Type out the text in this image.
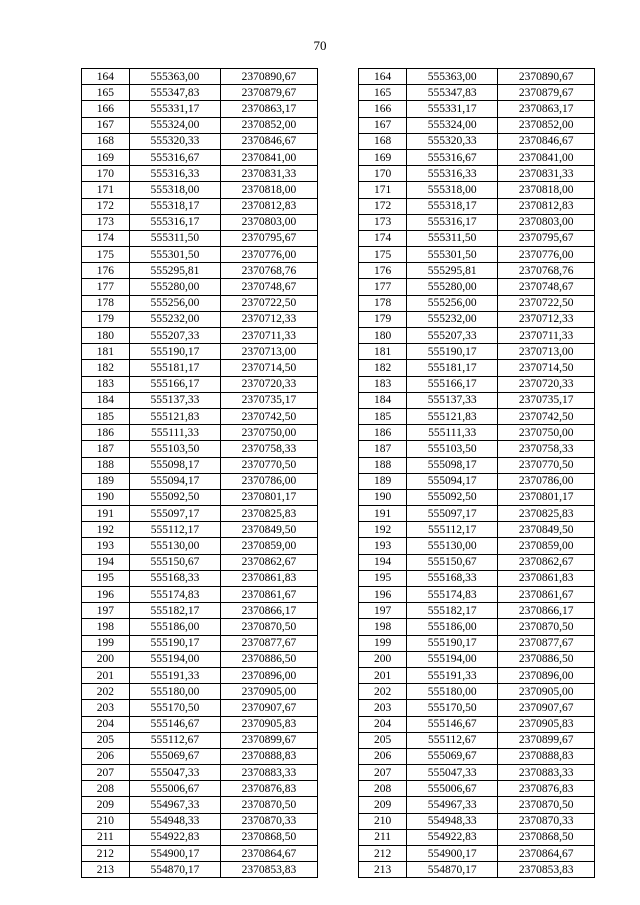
70
164	555363,00	2370890,67		164	555363,00	2370890,67
165	555347,83	2370879,67		165	555347,83	2370879,67
166	555331,17	2370863,17		166	555331,17	2370863,17
167	555324,00	2370852,00		167	555324,00	2370852,00
168	555320,33	2370846,67		168	555320,33	2370846,67
169	555316,67	2370841,00		169	555316,67	2370841,00
170	555316,33	2370831,33		170	555316,33	2370831,33
171	555318,00	2370818,00		171	555318,00	2370818,00
172	555318,17	2370812,83		172	555318,17	2370812,83
173	555316,17	2370803,00		173	555316,17	2370803,00
174	555311,50	2370795,67		174	555311,50	2370795,67
175	555301,50	2370776,00		175	555301,50	2370776,00
176	555295,81	2370768,76		176	555295,81	2370768,76
177	555280,00	2370748,67		177	555280,00	2370748,67
178	555256,00	2370722,50		178	555256,00	2370722,50
179	555232,00	2370712,33		179	555232,00	2370712,33
180	555207,33	2370711,33		180	555207,33	2370711,33
181	555190,17	2370713,00		181	555190,17	2370713,00
182	555181,17	2370714,50		182	555181,17	2370714,50
183	555166,17	2370720,33		183	555166,17	2370720,33
184	555137,33	2370735,17		184	555137,33	2370735,17
185	555121,83	2370742,50		185	555121,83	2370742,50
186	555111,33	2370750,00		186	555111,33	2370750,00
187	555103,50	2370758,33		187	555103,50	2370758,33
188	555098,17	2370770,50		188	555098,17	2370770,50
189	555094,17	2370786,00		189	555094,17	2370786,00
190	555092,50	2370801,17		190	555092,50	2370801,17
191	555097,17	2370825,83		191	555097,17	2370825,83
192	555112,17	2370849,50		192	555112,17	2370849,50
193	555130,00	2370859,00		193	555130,00	2370859,00
194	555150,67	2370862,67		194	555150,67	2370862,67
195	555168,33	2370861,83		195	555168,33	2370861,83
196	555174,83	2370861,67		196	555174,83	2370861,67
197	555182,17	2370866,17		197	555182,17	2370866,17
198	555186,00	2370870,50		198	555186,00	2370870,50
199	555190,17	2370877,67		199	555190,17	2370877,67
200	555194,00	2370886,50		200	555194,00	2370886,50
201	555191,33	2370896,00		201	555191,33	2370896,00
202	555180,00	2370905,00		202	555180,00	2370905,00
203	555170,50	2370907,67		203	555170,50	2370907,67
204	555146,67	2370905,83		204	555146,67	2370905,83
205	555112,67	2370899,67		205	555112,67	2370899,67
206	555069,67	2370888,83		206	555069,67	2370888,83
207	555047,33	2370883,33		207	555047,33	2370883,33
208	555006,67	2370876,83		208	555006,67	2370876,83
209	554967,33	2370870,50		209	554967,33	2370870,50
210	554948,33	2370870,33		210	554948,33	2370870,33
211	554922,83	2370868,50		211	554922,83	2370868,50
212	554900,17	2370864,67		212	554900,17	2370864,67
213	554870,17	2370853,83		213	554870,17	2370853,83
